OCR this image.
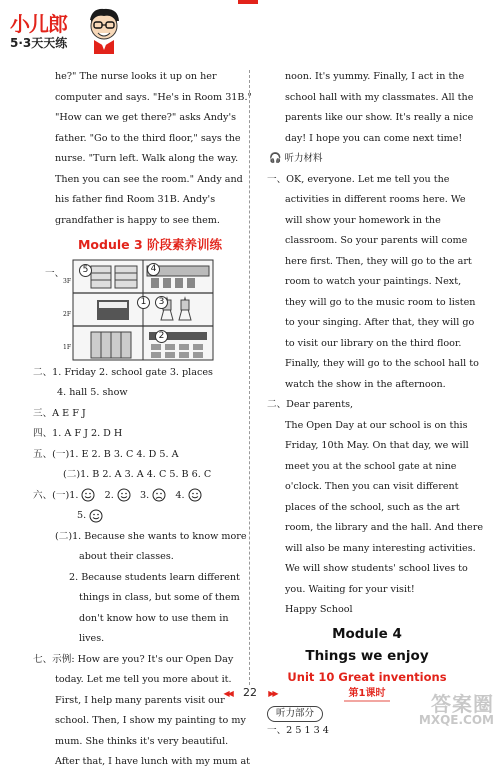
小儿郎
5·3天天练

he?" The nurse looks it up on her

computer and says. "He's in Room 31B."

"How can we get there?" asks Andy's

father. "Go to the third floor," says the

nurse. "Turn left. Walk along the way.

Then you can see the room." Andy and

his father find Room 31B. Andy's

grandfather is happy to see them.

Module 3 阶段素养训练
一、
3F
2F
1F
5	4
1	3
2

二、1. Friday 2. school gate 3. places

4. hall 5. show

三、A E F J

四、1. A F J 2. D H

五、(一)1. E 2. B 3. C 4. D 5. A

(二)1. B 2. A 3. A 4. C 5. B 6. C

六、(一)1.	2.	3.	4.

5.

(二)1. Because she wants to know more

about their classes.

2. Because students learn different

things in class, but some of them

don't know how to use them in

lives.

七、示例: How are you? It's our Open Day

today. Let me tell you more about it.

First, I help many parents visit our

school. Then, I show my painting to my

mum. She thinks it's very beautiful.

After that, I have lunch with my mum at

noon. It's yummy. Finally, I act in the

school hall with my classmates. All the

parents like our show. It's really a nice

day! I hope you can come next time!

🎧 听力材料

一、OK, everyone. Let me tell you the

activities in different rooms here. We

will show your homework in the

classroom. So your parents will come

here first. Then, they will go to the art

room to watch your paintings. Next,

they will go to the music room to listen

to your singing. After that, they will go

to visit our library on the third floor.

Finally, they will go to the school hall to

watch the show in the afternoon.

二、Dear parents,

The Open Day at our school is on this

Friday, 10th May. On that day, we will

meet you at the school gate at nine

o'clock. Then you can visit different

places of the school, such as the art

room, the library and the hall. And there

will also be many interesting activities.

We will show students' school lives to

you. Waiting for your visit!

Happy School

Module 4
Things we enjoy
Unit 10 Great inventions
第1课时
听力部分

一、2 5 1 3 4

◀◀ 22 ▶▶	答案圈
MXQE.COM
